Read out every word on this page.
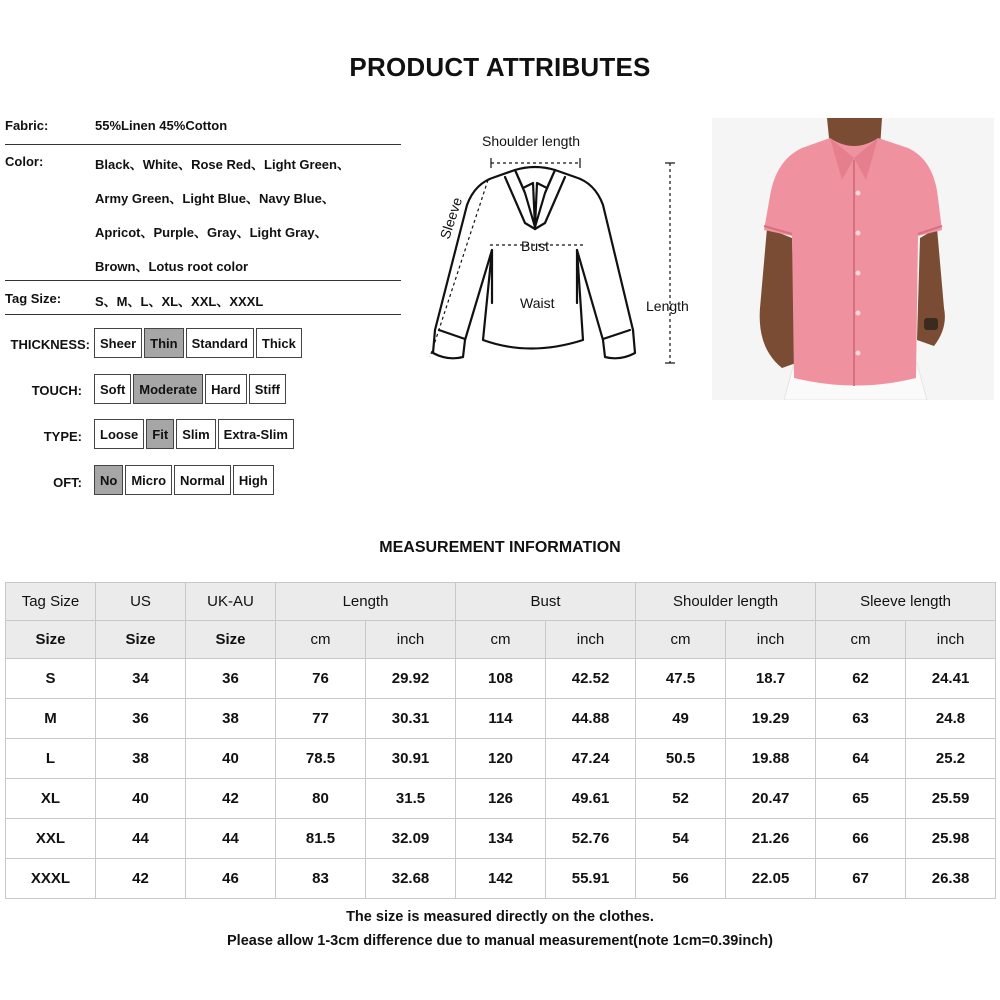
PRODUCT ATTRIBUTES
Fabric:	55%Linen 45%Cotton
Color:	Black、White、Rose Red、Light Green、
Army Green、Light Blue、Navy Blue、
Apricot、Purple、Gray、Light Gray、
Brown、Lotus root color
Tag Size:	S、M、L、XL、XXL、XXXL
THICKNESS: Sheer	Thin	Standard	Thick
TOUCH:	Soft	Moderate	Hard	Stiff
TYPE:	Loose	Fit	Slim	Extra-Slim
OFT:	No	Micro	Normal	High
Shoulder length
Sleeve
Bust
Waist	Length
MEASUREMENT INFORMATION
Tag Size	US	UK-AU	Length		Bust		Shoulder length		Sleeve length	
Size	Size	Size	cm	inch	cm	inch	cm	inch	cm	inch
S	34	36	76	29.92	108	42.52	47.5	18.7	62	24.41
M	36	38	77	30.31	114	44.88	49	19.29	63	24.8
L	38	40	78.5	30.91	120	47.24	50.5	19.88	64	25.2
XL	40	42	80	31.5	126	49.61	52	20.47	65	25.59
XXL	44	44	81.5	32.09	134	52.76	54	21.26	66	25.98
XXXL	42	46	83	32.68	142	55.91	56	22.05	67	26.38
The size is measured directly on the clothes.
Please allow 1-3cm difference due to manual measurement(note 1cm=0.39inch)
